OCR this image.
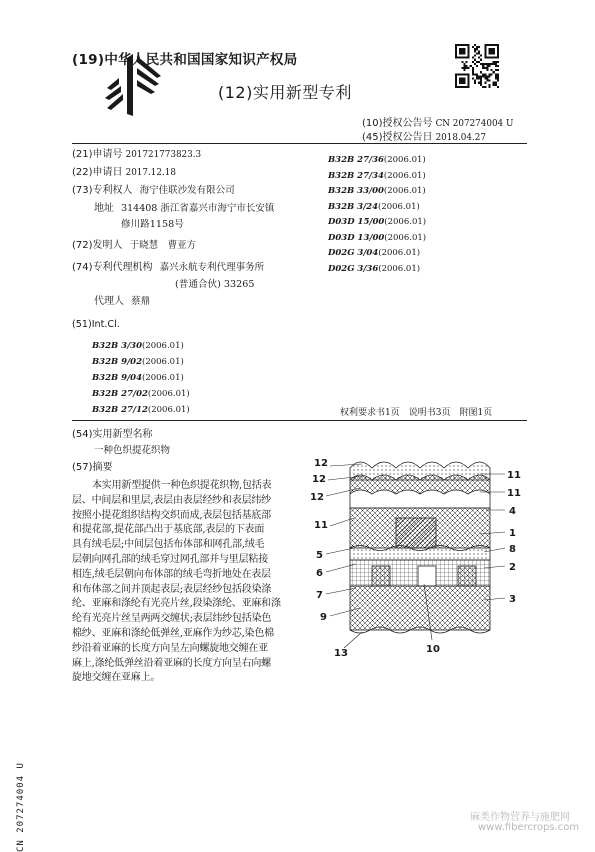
(19)中华人民共和国国家知识产权局
(12)实用新型专利
(10)授权公告号 CN 207274004 U
(45)授权公告日 2018.04.27
(21)申请号 201721773823.3
(22)申请日 2017.12.18
(73)专利权人 海宁佳联沙发有限公司
地址 314408 浙江省嘉兴市海宁市长安镇
修川路1158号
(72)发明人 于晓慧　曹亚方
(74)专利代理机构 嘉兴永航专利代理事务所
(普通合伙) 33265
代理人 蔡鼎
(51)Int.Cl.
B32B 3/30(2006.01)
B32B 9/02(2006.01)
B32B 9/04(2006.01)
B32B 27/02(2006.01)
B32B 27/12(2006.01)
B32B 27/36(2006.01)
B32B 27/34(2006.01)
B32B 33/00(2006.01)
B32B 3/24(2006.01)
D03D 15/00(2006.01)
D03D 13/00(2006.01)
D02G 3/04(2006.01)
D02G 3/36(2006.01)
权利要求书1页　说明书3页　附图1页
(54)实用新型名称
一种色织提花织物
(57)摘要
本实用新型提供一种色织提花织物,包括表
层、中间层和里层,表层由表层经纱和表层纬纱
按照小提花组织结构交织而成,表层包括基底部
和提花部,提花部凸出于基底部,表层的下表面
具有绒毛层;中间层包括布体部和网孔部,绒毛
层朝向网孔部的绒毛穿过网孔部并与里层粘接
相连,绒毛层朝向布体部的绒毛弯折地处在表层
和布体部之间并顶起表层;表层经纱包括段染涤
纶、亚麻和涤纶有光亮片丝,段染涤纶、亚麻和涤
纶有光亮片丝呈两两交缠状;表层纬纱包括染色
棉纱、亚麻和涤纶低弹丝,亚麻作为纱芯,染色棉
纱沿着亚麻的长度方向呈左向螺旋地交缠在亚
麻上,涤纶低弹丝沿着亚麻的长度方向呈右向螺
旋地交缠在亚麻上。
12
12
12
11
5
6
7
9
13
11
11
4
1
8
2
3
10
CN 207274004 U	麻类作物营养与施肥网
www.fibercrops.com
